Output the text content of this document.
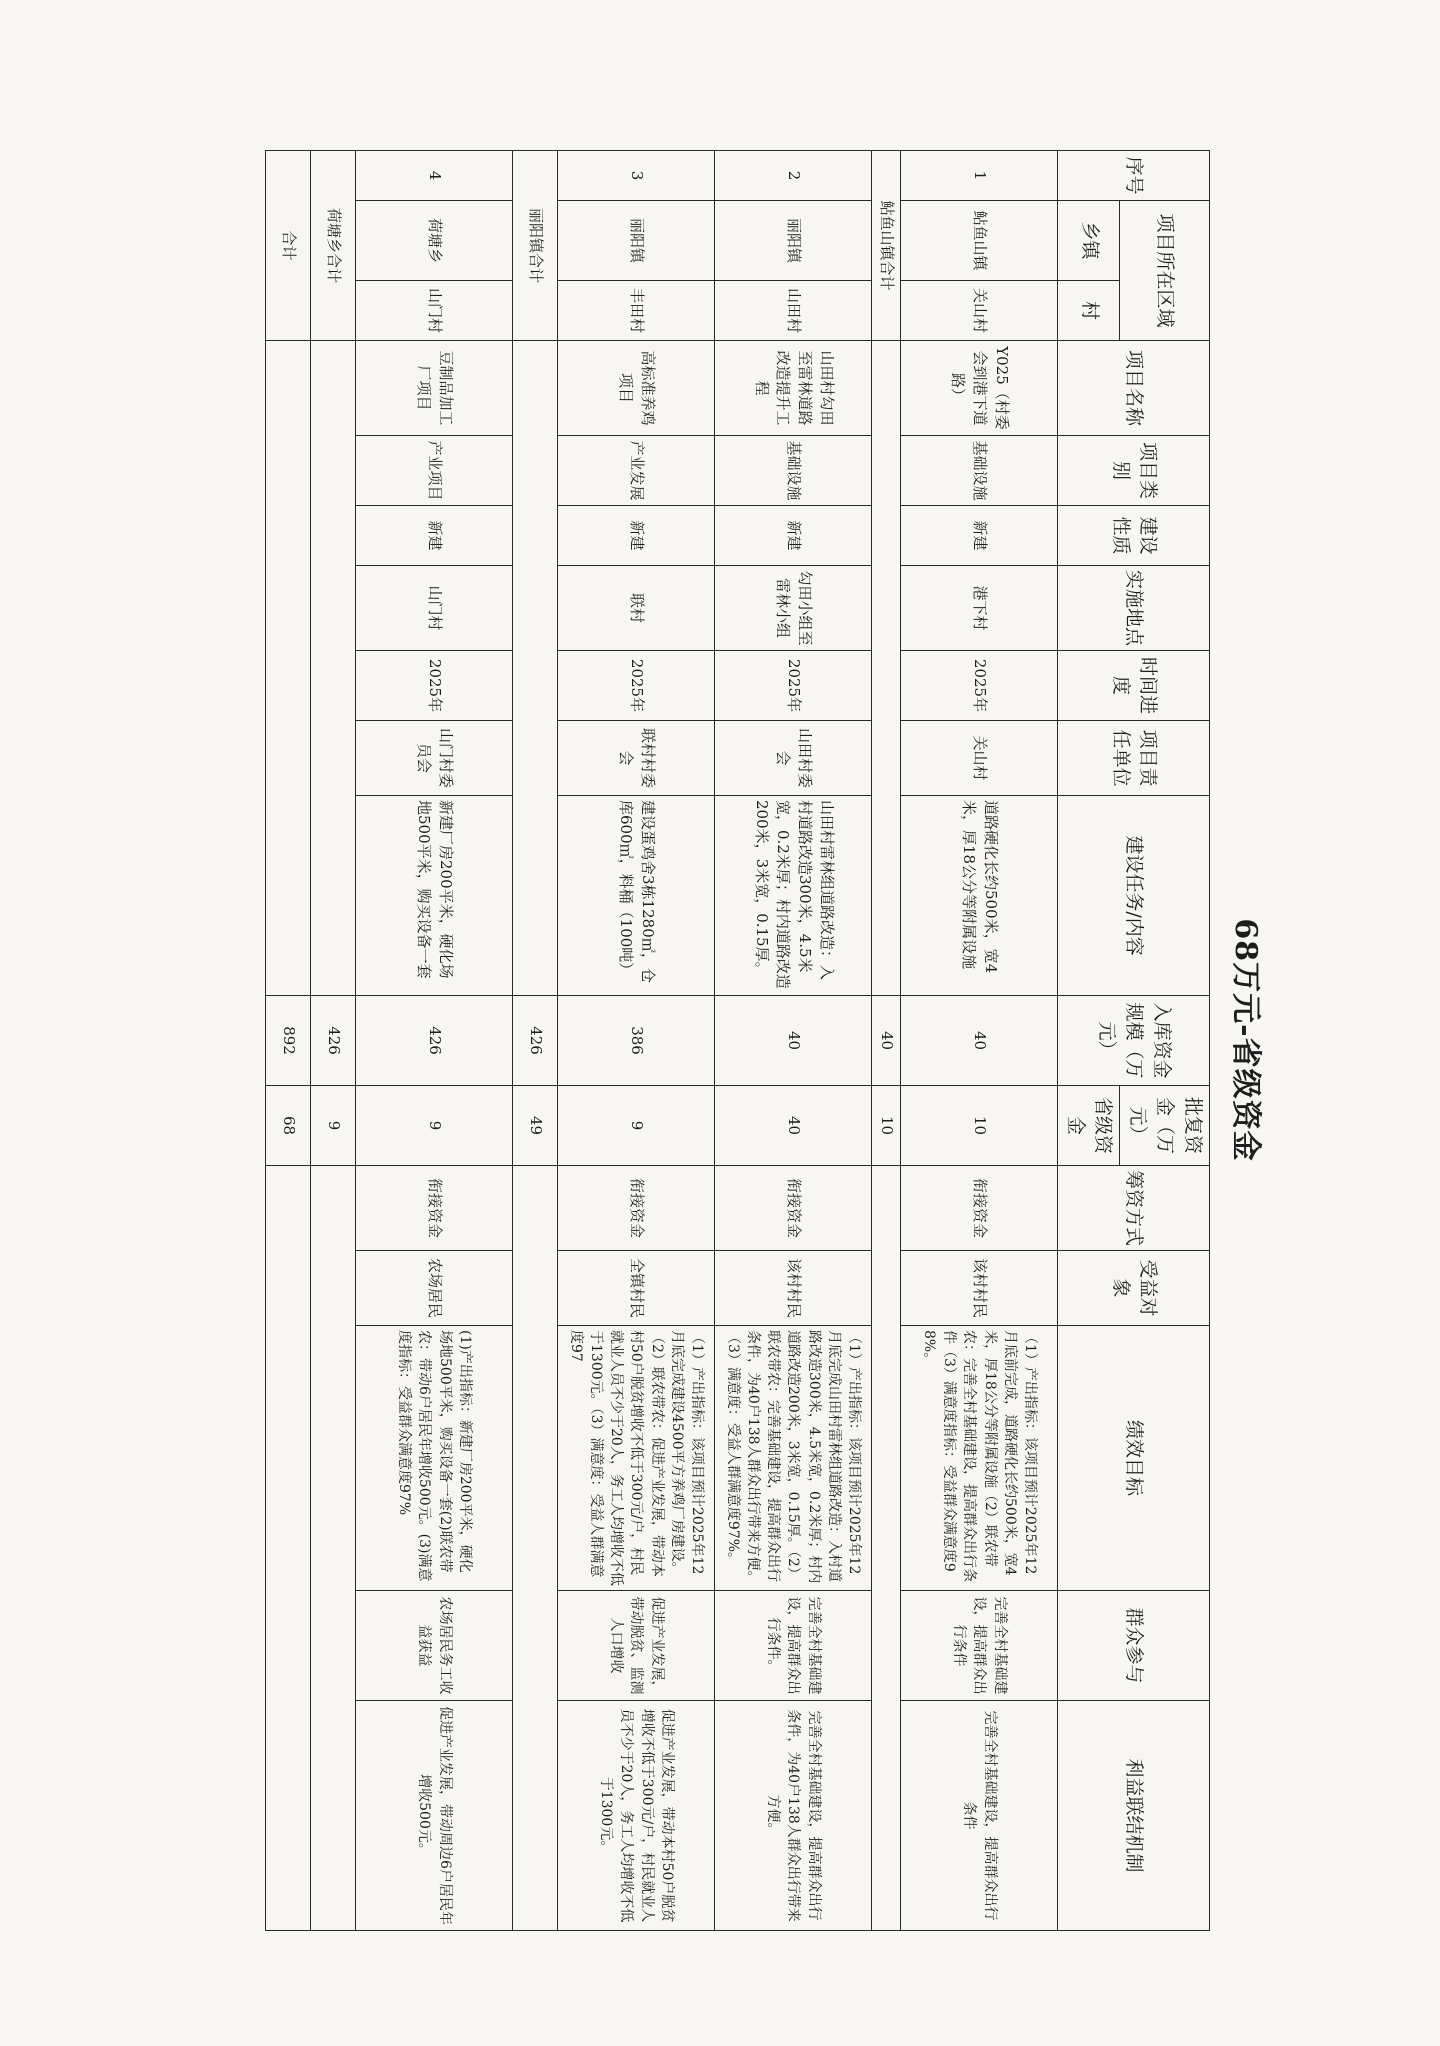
68万元-省级资金
序号	项目所在区域		项目名称	项目类别	建设性质	实施地点	时间进度	项目责任单位	建设任务/内容	入库资金规模（万元）	批复资金（万元）	筹资方式	受益对象	绩效目标	群众参与	利益联结机制
	乡镇	村									省级资金					
1	鲇鱼山镇	关山村	Y025（村委会到港下道路）	基础设施	新建	港下村	2025年	关山村	道路硬化长约500米，宽4米，厚18公分等附属设施	40	10	衔接资金	该村村民	（1）产出指标：该项目预计2025年12月底前完成，道路硬化长约500米，宽4米，厚18公分等附属设施（2）联农带农：完善全村基础建设，提高群众出行条件（3）满意度指标：受益群众满意度98%。	完善全村基础建设，提高群众出行条件	完善全村基础建设，提高群众出行条件
鲇鱼山镇合计										40	10					
2	丽阳镇	山田村	山田村勾田至雷林道路改造提升工程	基础设施	新建	勾田小组至雷林小组	2025年	山田村委会	山田村雷林组道路改造：入村道路改造300米，4.5米宽，0.2米厚；村内道路改造200米，3米宽，0.15厚。	40	40	衔接资金	该村村民	（1）产出指标：该项目预计2025年12月底完成山田村雷林组道路改造：入村道路改造300米，4.5米宽，0.2米厚；村内道路改造200米，3米宽，0.15厚。（2）联农带农：完善基础建设，提高群众出行条件，为40户138人群众出行带来方便。（3）满意度：受益人群满意度97%。	完善全村基础建设，提高群众出行条件。	完善全村基础建设，提高群众出行条件，为40户138人群众出行带来方便。
3	丽阳镇	丰田村	高标准养鸡项目	产业发展	新建	联村	2025年	联村村委会	建设蛋鸡舍3栋1280㎡，仓库600㎡，料桶（100吨）	386	9	衔接资金	全镇村民	（1）产出指标：该项目预计2025年12月底完成建设4500平方养鸡厂房建设。（2）联农带农：促进产业发展，带动本村50户脱贫增收不低于300元/户，村民就业人员不少于20人，务工人均增收不低于1300元。（3）满意度：受益人群满意度97	促进产业发展，带动脱贫、监测人口增收	促进产业发展，带动本村50户脱贫增收不低于300元/户，村民就业人员不少于20人，务工人均增收不低于1300元。
丽阳镇合计										426	49					
4	荷塘乡	山门村	豆制品加工厂项目	产业项目	新建	山门村	2025年	山门村委员会	新建厂房200平米，硬化场地500平米，购买设备一套	426	9	衔接资金	农场居民	(1)产出指标：新建厂房200平米，硬化场地500平米，购买设备一套(2)联农带农：带动6户居民年增收500元。(3)满意度指标：受益群众满意度97%	农场居民务工收益获益	促进产业发展，带动周边6户居民年增收500元。
荷塘乡合计										426	9					
合计										892	68					
